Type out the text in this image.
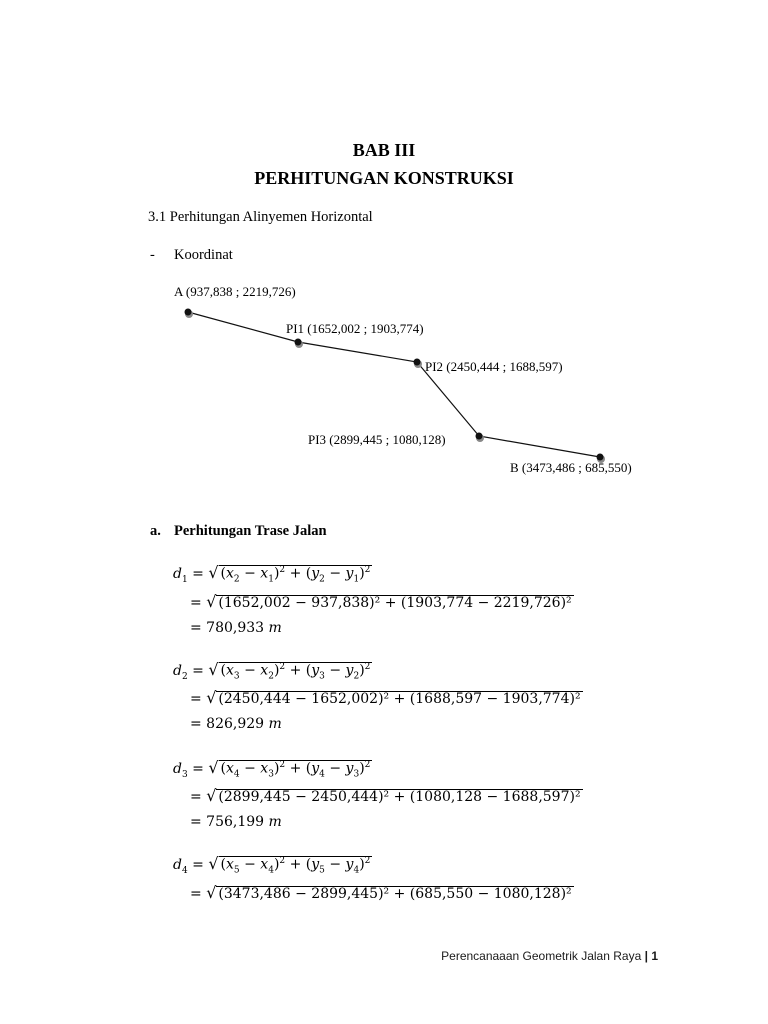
BAB III
PERHITUNGAN KONSTRUKSI
3.1 Perhitungan Alinyemen Horizontal
- Koordinat
A (937,838 ; 2219,726)
PI1 (1652,002 ; 1903,774)
PI2 (2450,444 ; 1688,597)
PI3 (2899,445 ; 1080,128)
B (3473,486 ; 685,550)
a. Perhitungan Trase Jalan
$d_1$ = √ $(x_2 - x_1)^2 + (y_2 - y_1)^2$
= √ (1652,002 − 937,838)² + (1903,774 − 2219,726)²
= 780,933 m
$d_2$ = √ $(x_3 - x_2)^2 + (y_3 - y_2)^2$
= √ (2450,444 − 1652,002)² + (1688,597 − 1903,774)²
= 826,929 m
$d_3$ = √ $(x_4 - x_3)^2 + (y_4 - y_3)^2$
= √ (2899,445 − 2450,444)² + (1080,128 − 1688,597)²
= 756,199 m
$d_4$ = √ $(x_5 - x_4)^2 + (y_5 - y_4)^2$
= √ (3473,486 − 2899,445)² + (685,550 − 1080,128)²
Perencanaaan Geometrik Jalan Raya | 1
